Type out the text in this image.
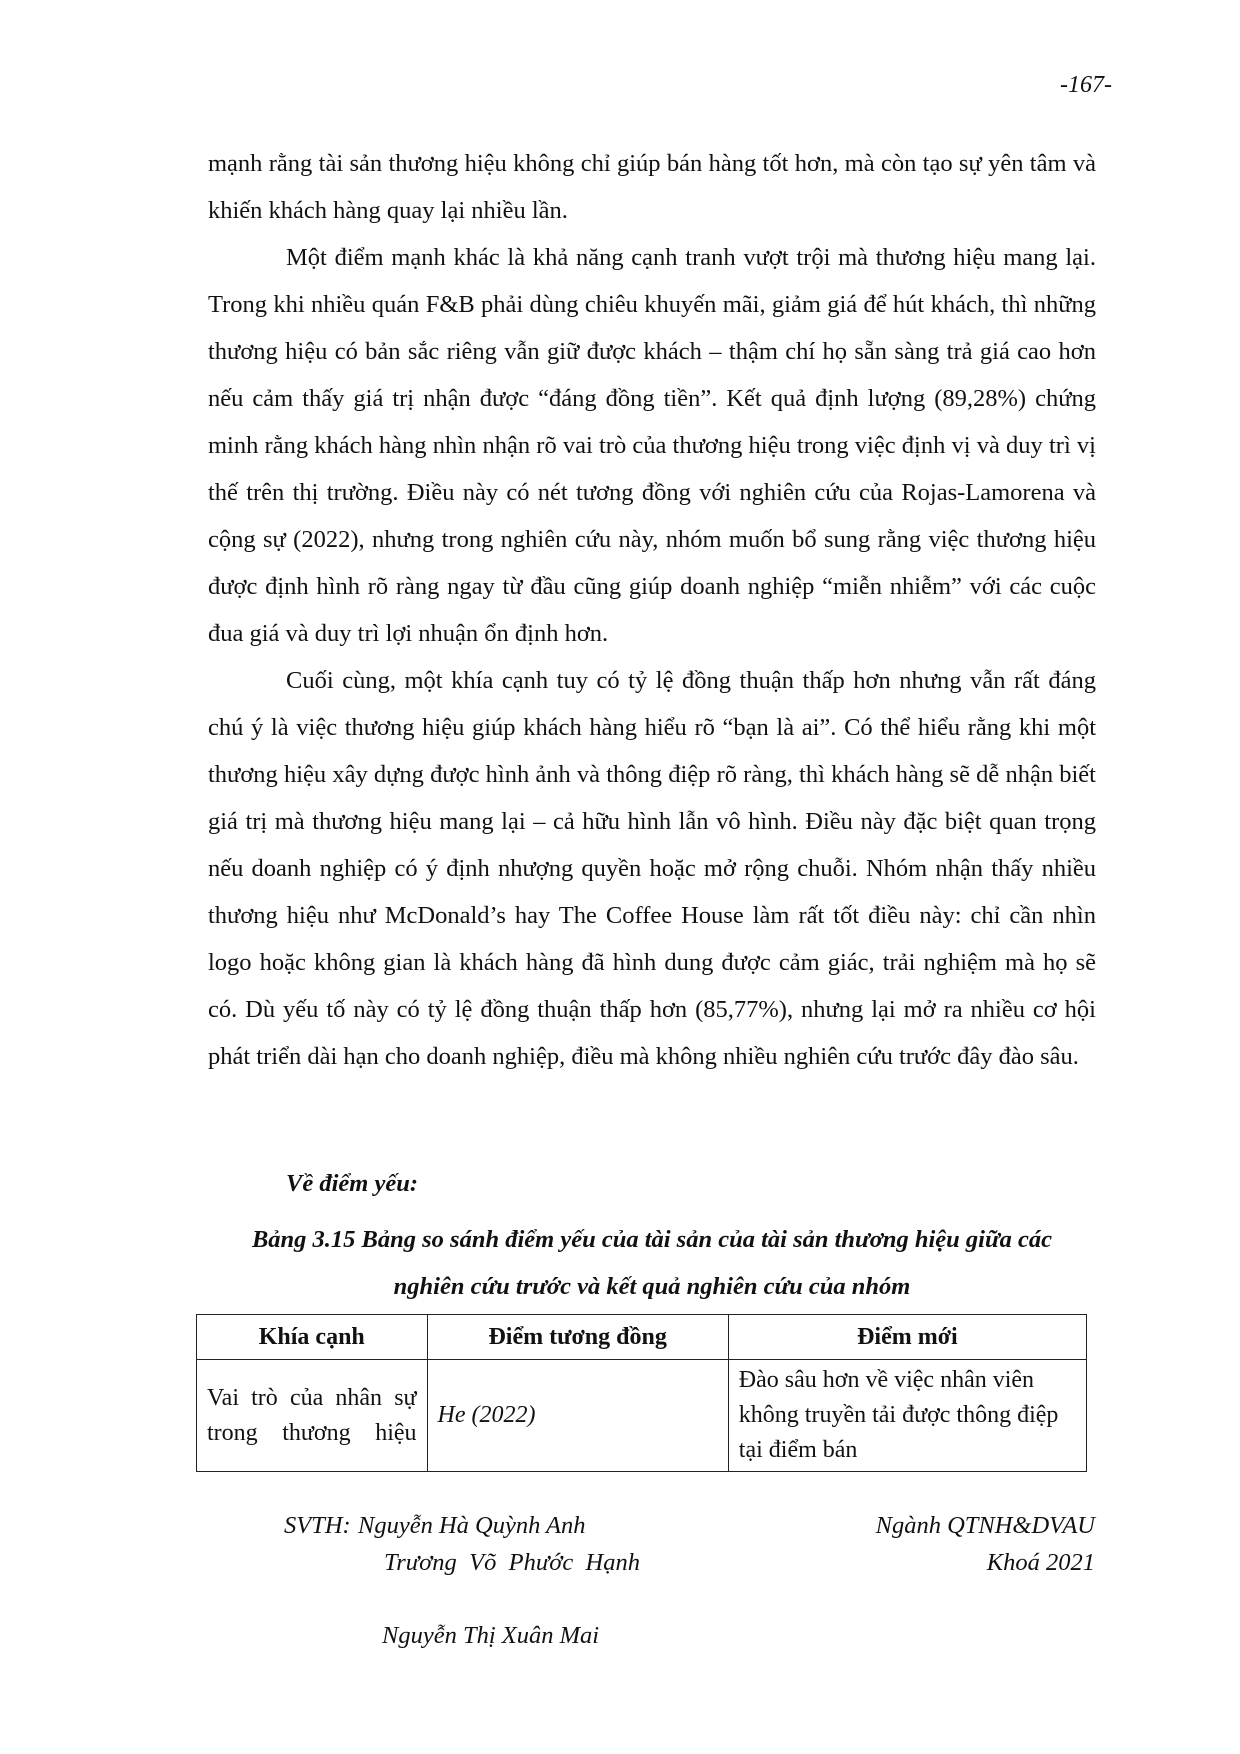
-167-

mạnh rằng tài sản thương hiệu không chỉ giúp bán hàng tốt hơn, mà còn tạo sự yên tâm và khiến khách hàng quay lại nhiều lần.

Một điểm mạnh khác là khả năng cạnh tranh vượt trội mà thương hiệu mang lại. Trong khi nhiều quán F&B phải dùng chiêu khuyến mãi, giảm giá để hút khách, thì những thương hiệu có bản sắc riêng vẫn giữ được khách – thậm chí họ sẵn sàng trả giá cao hơn nếu cảm thấy giá trị nhận được “đáng đồng tiền”. Kết quả định lượng (89,28%) chứng minh rằng khách hàng nhìn nhận rõ vai trò của thương hiệu trong việc định vị và duy trì vị thế trên thị trường. Điều này có nét tương đồng với nghiên cứu của Rojas-Lamorena và cộng sự (2022), nhưng trong nghiên cứu này, nhóm muốn bổ sung rằng việc thương hiệu được định hình rõ ràng ngay từ đầu cũng giúp doanh nghiệp “miễn nhiễm” với các cuộc đua giá và duy trì lợi nhuận ổn định hơn.

Cuối cùng, một khía cạnh tuy có tỷ lệ đồng thuận thấp hơn nhưng vẫn rất đáng chú ý là việc thương hiệu giúp khách hàng hiểu rõ “bạn là ai”. Có thể hiểu rằng khi một thương hiệu xây dựng được hình ảnh và thông điệp rõ ràng, thì khách hàng sẽ dễ nhận biết giá trị mà thương hiệu mang lại – cả hữu hình lẫn vô hình. Điều này đặc biệt quan trọng nếu doanh nghiệp có ý định nhượng quyền hoặc mở rộng chuỗi. Nhóm nhận thấy nhiều thương hiệu như McDonald’s hay The Coffee House làm rất tốt điều này: chỉ cần nhìn logo hoặc không gian là khách hàng đã hình dung được cảm giác, trải nghiệm mà họ sẽ có. Dù yếu tố này có tỷ lệ đồng thuận thấp hơn (85,77%), nhưng lại mở ra nhiều cơ hội phát triển dài hạn cho doanh nghiệp, điều mà không nhiều nghiên cứu trước đây đào sâu.

Về điểm yếu:
Bảng 3.15 Bảng so sánh điểm yếu của tài sản của tài sản thương hiệu giữa các
nghiên cứu trước và kết quả nghiên cứu của nhóm
Khía cạnh	Điểm tương đồng	Điểm mới
Vai trò của nhân sự trong thương hiệu	He (2022)	Đào sâu hơn về việc nhân viên không truyền tải được thông điệp tại điểm bán
SVTH: Nguyễn Hà Quỳnh Anh
Trương Võ Phước Hạnh
Nguyễn Thị Xuân Mai
Ngành QTNH&DVAU
Khoá 2021
